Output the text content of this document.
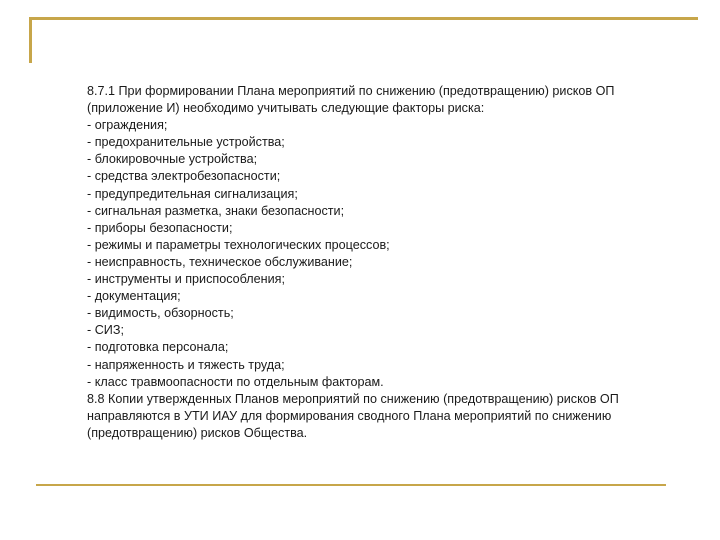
8.7.1 При формировании Плана мероприятий по снижению (предотвращению) рисков ОП
(приложение И) необходимо учитывать следующие факторы риска:
- ограждения;
- предохранительные устройства;
- блокировочные устройства;
- средства электробезопасности;
- предупредительная сигнализация;
- сигнальная разметка, знаки безопасности;
- приборы безопасности;
- режимы и параметры технологических процессов;
- неисправность, техническое обслуживание;
- инструменты и приспособления;
- документация;
- видимость, обзорность;
- СИЗ;
- подготовка персонала;
- напряженность и тяжесть труда;
- класс травмоопасности по отдельным факторам.
8.8 Копии утвержденных Планов мероприятий по снижению (предотвращению) рисков ОП
направляются в УТИ ИАУ для формирования сводного Плана мероприятий по снижению
(предотвращению) рисков Общества.
